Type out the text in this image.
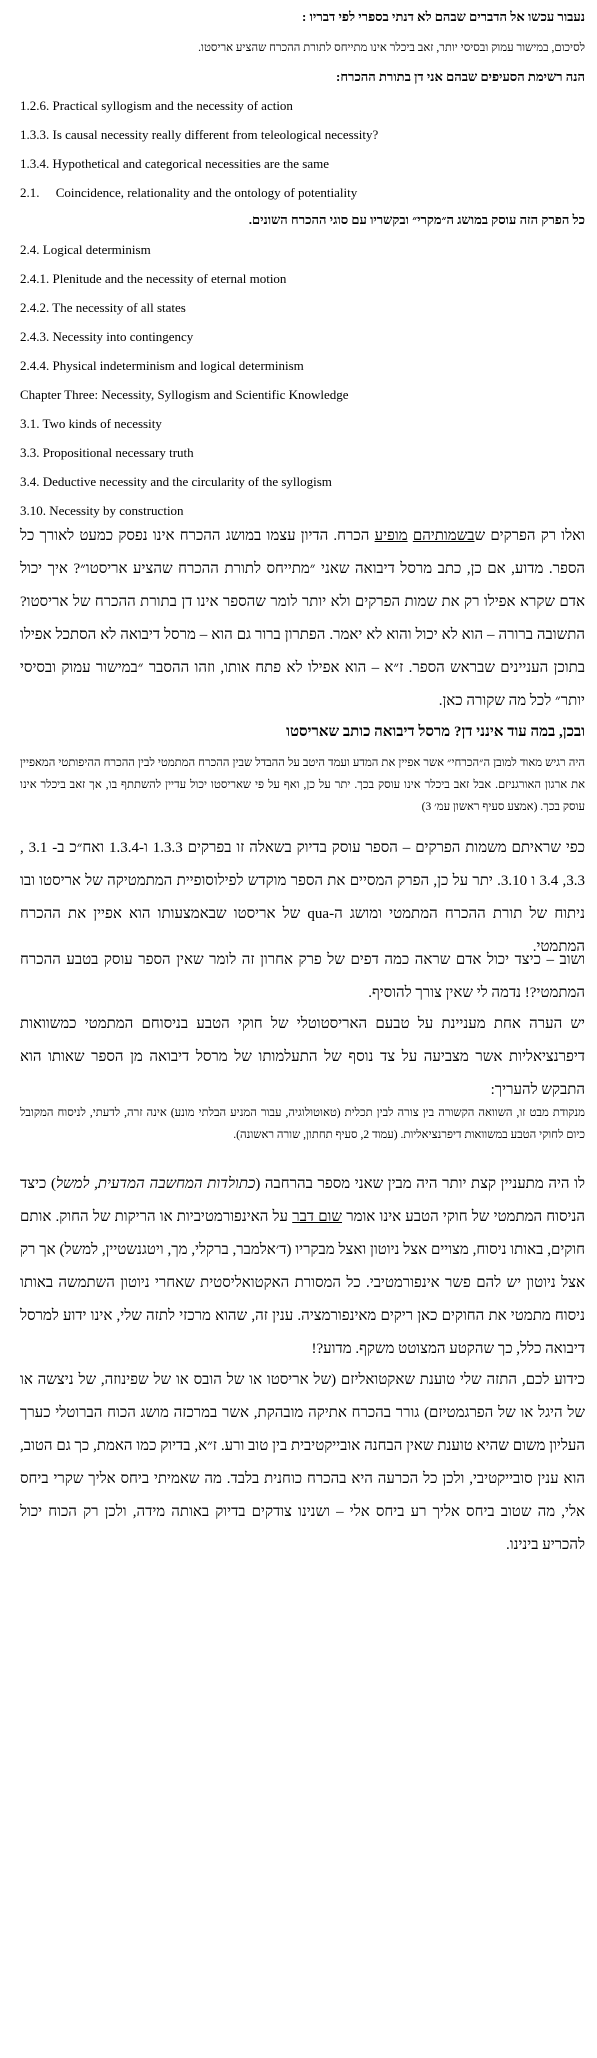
נעבור עכשו אל הדברים שבהם לא דנתי בספרי לפי דבריו :
לסיכום, במישור עמוק ובסיסי יותר, זאב ביכלר אינו מתייחס לתורת ההכרח שהציע אריסטו.
הנה רשימת הסעיפים שבהם אני דן בתורת ההכרח:
1.2.6. Practical syllogism and the necessity of action
1.3.3. Is causal necessity really different from teleological necessity?
1.3.4. Hypothetical and categorical necessities are the same
2.1.     Coincidence, relationality and the ontology of potentiality
כל הפרק הזה עוסק במושג ה״מקרי״ ובקשריו עם סוגי ההכרח השונים.
2.4. Logical determinism
2.4.1. Plenitude and the necessity of eternal motion
2.4.2. The necessity of all states
2.4.3. Necessity into contingency
2.4.4. Physical indeterminism and logical determinism
Chapter Three: Necessity, Syllogism and Scientific Knowledge
3.1. Two kinds of necessity
3.3. Propositional necessary truth
3.4. Deductive necessity and the circularity of the syllogism
3.10. Necessity by construction
ואלו רק הפרקים שבשמותיהם מופיע הכרח. הדיון עצמו במושג ההכרח אינו נפסק כמעט לאורך כל הספר. מדוע, אם כן, כתב מרסל דיבואה שאני ״מתייחס לתורת ההכרח שהציע אריסטו״? איך יכול אדם שקרא אפילו רק את שמות הפרקים ולא יותר לומר שהספר אינו דן בתורת ההכרח של אריסטו? התשובה ברורה – הוא לא יכול והוא לא יאמר. הפתרון ברור גם הוא – מרסל דיבואה לא הסתכל אפילו בתוכן העניינים שבראש הספר. ז״א – הוא אפילו לא פתח אותו, וזהו ההסבר ״במישור עמוק ובסיסי יותר״ לכל מה שקורה כאן.
ובכן, במה עוד אינני דן? מרסל דיבואה כותב שאריסטו
היה רגיש מאוד למובן ה״הכרחי״ אשר אפיין את המדע ועמד היטב על ההבדל שבין ההכרח המתמטי לבין ההכרח ההיפותטי המאפיין את ארגון האורגניזם. אבל זאב ביכלר אינו עוסק בכך. יתר על כן, ואף על פי שאריסטו יכול עדיין להשתתף בו, אך זאב ביכלר אינו עוסק בכך. (אמצע סעיף ראשון עמ׳ 3)
כפי שראיתם משמות הפרקים – הספר עוסק בדיוק בשאלה זו בפרקים 1.3.3 ו-1.3.4 ואח״כ ב- 3.1 , 3.3, 3.4 ו 3.10. יתר על כן, הפרק המסיים את הספר מוקדש לפילוסופיית המתמטיקה של אריסטו ובו ניתוח של תורת ההכרח המתמטי ומושג ה-qua של אריסטו שבאמצעותו הוא אפיין את ההכרח המתמטי.
ושוב – כיצד יכול אדם שראה כמה דפים של פרק אחרון זה לומר שאין הספר עוסק בטבע ההכרח המתמטי?! נדמה לי שאין צורך להוסיף.
יש הערה אחת מעניינת על טבעם האריסטוטלי של חוקי הטבע בניסוחם המתמטי כמשוואות דיפרנציאליות אשר מצביעה על צד נוסף של התעלמותו של מרסל דיבואה מן הספר שאותו הוא התבקש להעריך:
מנקודת מבט זו, השוואה הקשורה בין צורה לבין תכלית (טאוטולוגיה, עבור המניע הבלתי מונע) אינה זרה, לדעתי, לניסוח המקובל כיום לחוקי הטבע במשוואות דיפרנציאליות. (עמוד 2, סעיף תחתון, שורה ראשונה).
לו היה מתעניין קצת יותר היה מבין שאני מספר בהרחבה (כתולדות המחשבה המדעית, למשל) כיצד הניסוח המתמטי של חוקי הטבע אינו אומר שום דבר על האינפורמטיביות או הריקות של החוק. אותם חוקים, באותו ניסוח, מצויים אצל ניוטון ואצל מבקריו (ד׳אלמבר, ברקלי, מך, ויטגנשטיין, למשל) אך רק אצל ניוטון יש להם פשר אינפורמטיבי. כל המסורת האקטואליסטית שאחרי ניוטון השתמשה באותו ניסוח מתמטי את החוקים כאן ריקים מאינפורמציה. ענין זה, שהוא מרכזי לתזה שלי, אינו ידוע למרסל דיבואה כלל, כך שהקטע המצוטט משקף. מדוע?!
כידוע לכם, התזה שלי טוענת שאקטואליזם (של אריסטו או של הובס או של שפינוזה, של ניצשה או של היגל או של הפרגמטיזם) גורר בהכרח אתיקה מובהקת, אשר במרכזה מושג הכוח הברוטלי כערך העליון משום שהיא טוענת שאין הבחנה אובייקטיבית בין טוב ורע. ז״א, בדיוק כמו האמת, כך גם הטוב, הוא ענין סובייקטיבי, ולכן כל הכרעה היא בהכרח כוחנית בלבד. מה שאמיתי ביחס אליך שקרי ביחס אלי, מה שטוב ביחס אליך רע ביחס אלי – ושנינו צודקים בדיוק באותה מידה, ולכן רק הכוח יכול להכריע בינינו.
